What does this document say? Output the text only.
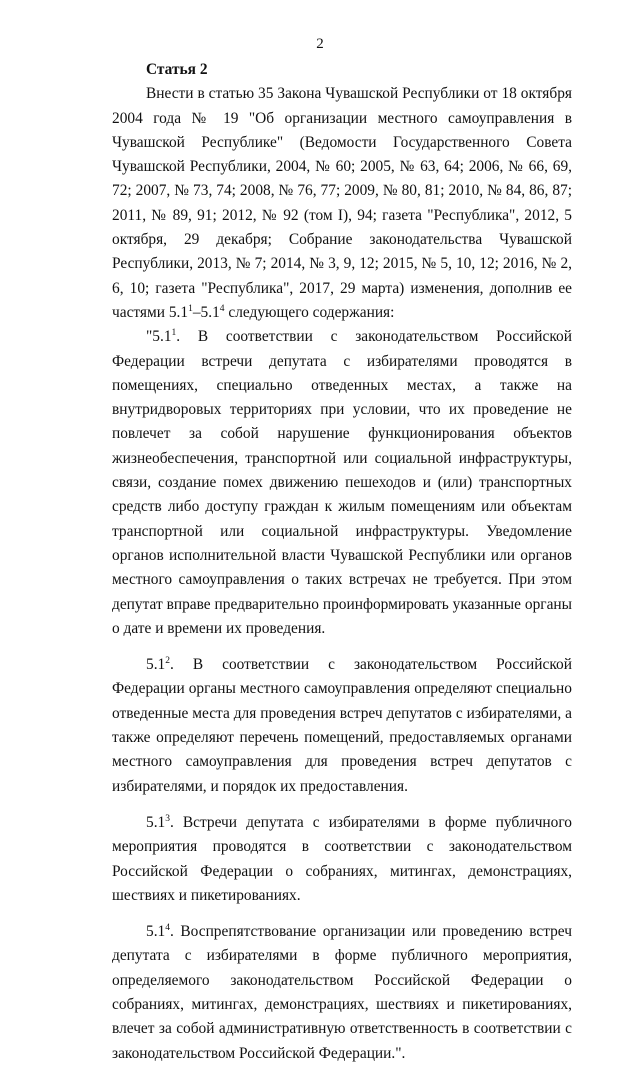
2
Статья 2

Внести в статью 35 Закона Чувашской Республики от 18 октября 2004 года № 19 "Об организации местного самоуправления в Чувашской Республике" (Ведомости Государственного Совета Чувашской Республики, 2004, № 60; 2005, № 63, 64; 2006, № 66, 69, 72; 2007, № 73, 74; 2008, № 76, 77; 2009, № 80, 81; 2010, № 84, 86, 87; 2011, № 89, 91; 2012, № 92 (том I), 94; газета "Республика", 2012, 5 октября, 29 декабря; Собрание законодательства Чувашской Республики, 2013, № 7; 2014, № 3, 9, 12; 2015, № 5, 10, 12; 2016, № 2, 6, 10; газета "Республика", 2017, 29 марта) изменения, дополнив ее частями $5.1^1-5.1^4$ следующего содержания:

"$5.1^1$. В соответствии с законодательством Российской Федерации встречи депутата с избирателями проводятся в помещениях, специально отведенных местах, а также на внутридворовых территориях при условии, что их проведение не повлечет за собой нарушение функционирования объектов жизнеобеспечения, транспортной или социальной инфраструктуры, связи, создание помех движению пешеходов и (или) транспортных средств либо доступу граждан к жилым помещениям или объектам транспортной или социальной инфраструктуры. Уведомление органов исполнительной власти Чувашской Республики или органов местного самоуправления о таких встречах не требуется. При этом депутат вправе предварительно проинформировать указанные органы о дате и времени их проведения.

$5.1^2$. В соответствии с законодательством Российской Федерации органы местного самоуправления определяют специально отведенные места для проведения встреч депутатов с избирателями, а также определяют перечень помещений, предоставляемых органами местного самоуправления для проведения встреч депутатов с избирателями, и порядок их предоставления.

$5.1^3$. Встречи депутата с избирателями в форме публичного мероприятия проводятся в соответствии с законодательством Российской Федерации о собраниях, митингах, демонстрациях, шествиях и пикетированиях.

$5.1^4$. Воспрепятствование организации или проведению встреч депутата с избирателями в форме публичного мероприятия, определяемого законодательством Российской Федерации о собраниях, митингах, демонстрациях, шествиях и пикетированиях, влечет за собой административную ответственность в соответствии с законодательством Российской Федерации.".
